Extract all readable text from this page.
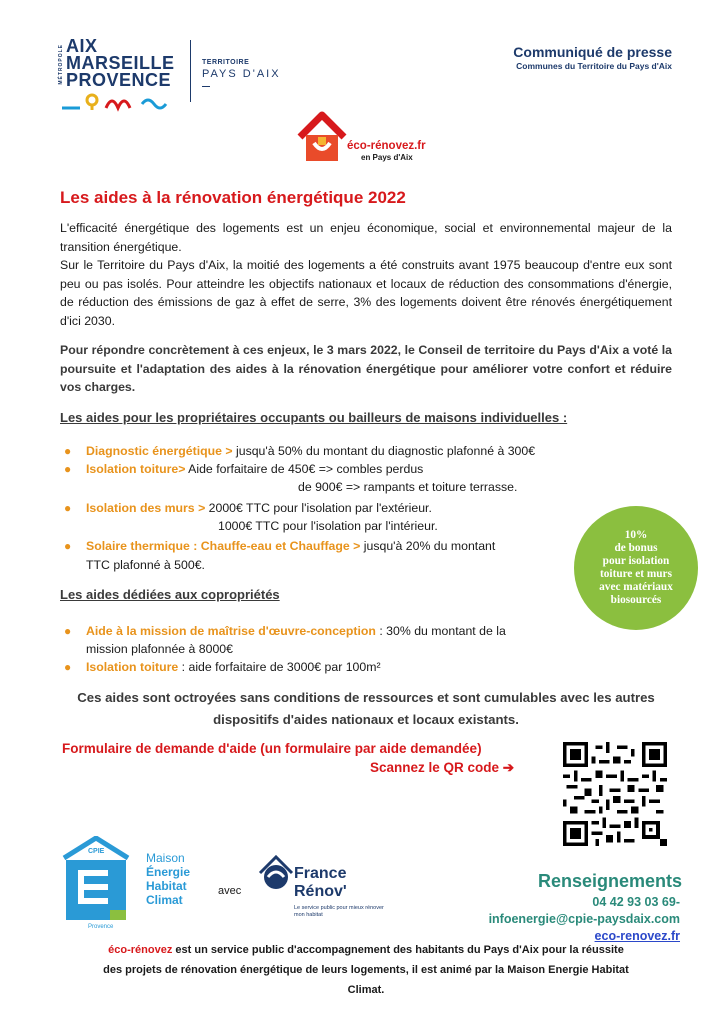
MÉTROPOLE AIX
MARSEILLE
PROVENCE
TERRITOIRE
PAYS D'AIX
Communiqué de presse
Communes du Territoire du Pays d'Aix
éco-rénovez.fr
en Pays d'Aix
Les aides à la rénovation énergétique 2022
L'efficacité énergétique des logements est un enjeu économique, social et environnemental majeur de la transition énergétique.
Sur le Territoire du Pays d'Aix, la moitié des logements a été construits avant 1975 beaucoup d'entre eux sont peu ou pas isolés. Pour atteindre les objectifs nationaux et locaux de réduction des consommations d'énergie, de réduction des émissions de gaz à effet de serre, 3% des logements doivent être rénovés énergétiquement d'ici 2030.
Pour répondre concrètement à ces enjeux, le 3 mars 2022, le Conseil de territoire du Pays d'Aix a voté la poursuite et l'adaptation des aides à la rénovation énergétique pour améliorer votre confort et réduire vos charges.
Les aides pour les propriétaires occupants ou bailleurs de maisons individuelles :
● Diagnostic énergétique > jusqu'à 50% du montant du diagnostic plafonné à 300€
● Isolation toiture> Aide forfaitaire de 450€ => combles perdus
de 900€ => rampants et toiture terrasse.
● Isolation des murs > 2000€ TTC pour l'isolation par l'extérieur.
1000€ TTC pour l'isolation par l'intérieur.
● Solaire thermique : Chauffe-eau et Chauffage > jusqu'à 20% du montant
TTC plafonné à 500€.
10%
de bonus
pour isolation
toiture et murs
avec matériaux
biosourcés
Les aides dédiées aux copropriétés
● Aide à la mission de maîtrise d'œuvre-conception : 30% du montant de la
mission plafonnée à 8000€
● Isolation toiture : aide forfaitaire de 3000€ par 100m²
Ces aides sont octroyées sans conditions de ressources et sont cumulables avec les autres dispositifs d'aides nationaux et locaux existants.
Formulaire de demande d'aide (un formulaire par aide demandée)
Scannez le QR code ➔
CPIE	Maison
Énergie
Habitat
Climat
Provence
avec
France
Rénov'
Le service public pour mieux rénover mon habitat
Renseignements
04 42 93 03 69-
infoenergie@cpie-paysdaix.com
eco-renovez.fr
éco-rénovez est un service public d'accompagnement des habitants du Pays d'Aix pour la réussite
des projets de rénovation énergétique de leurs logements, il est animé par la Maison Energie Habitat
Climat.
